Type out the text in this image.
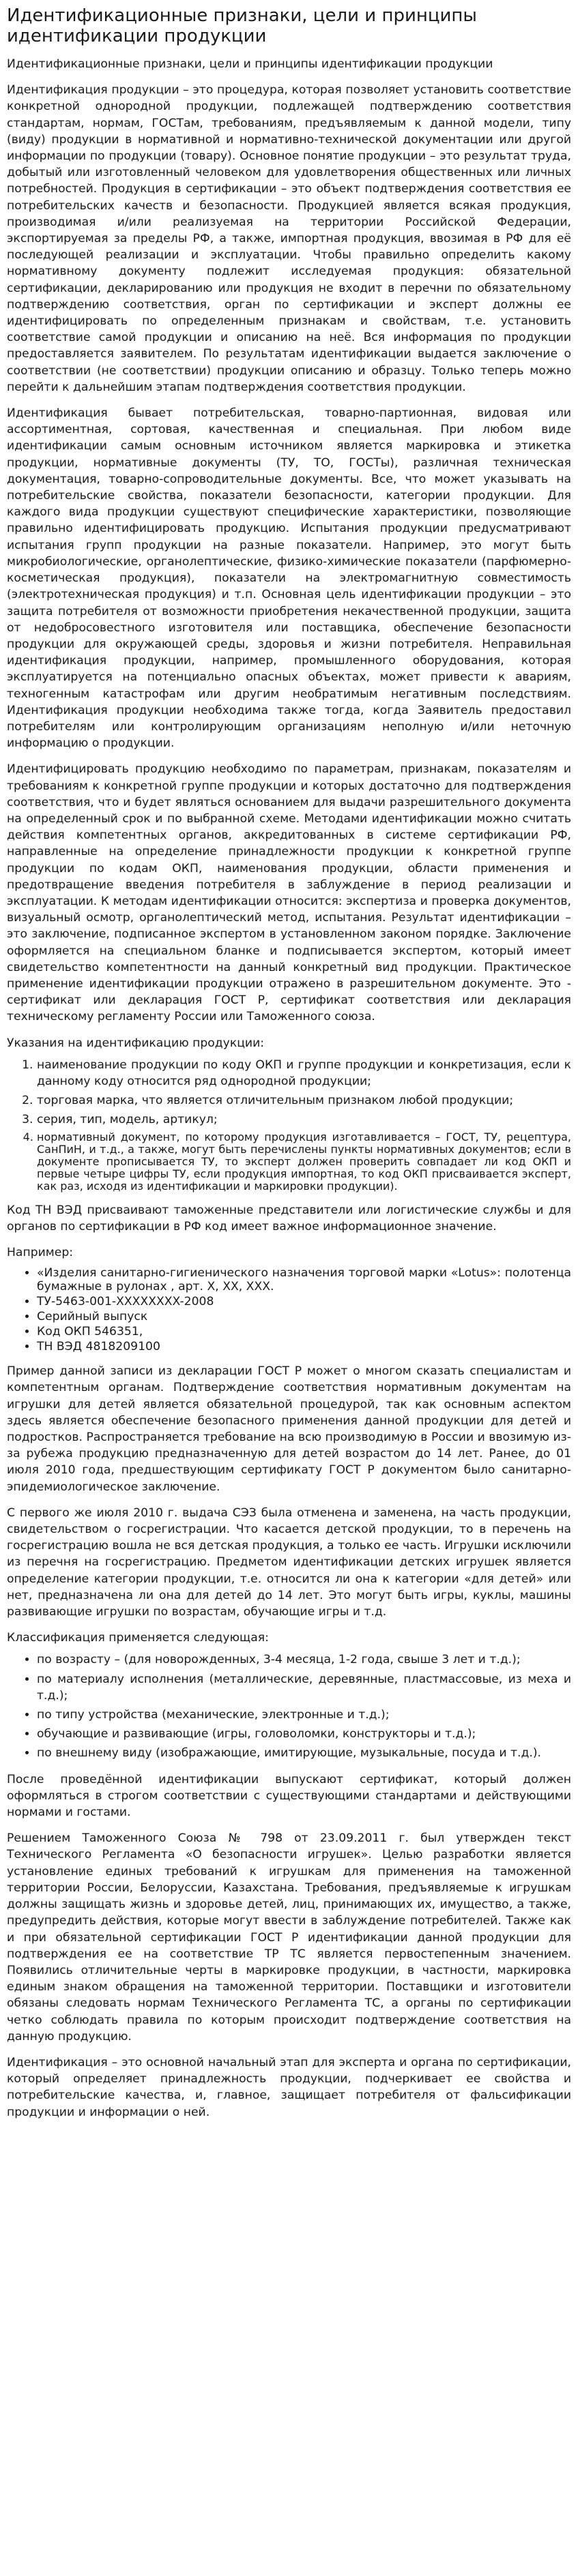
Идентификационные признаки, цели и принципы идентификации продукции
Идентификационные признаки, цели и принципы идентификации продукции

Идентификация продукции – это процедура, которая позволяет установить соответствие конкретной однородной продукции, подлежащей подтверждению соответствия стандартам, нормам, ГОСТам, требованиям, предъявляемым к данной модели, типу (виду) продукции в нормативной и нормативно-технической документации или другой информации по продукции (товару). Основное понятие продукции – это результат труда, добытый или изготовленный человеком для удовлетворения общественных или личных потребностей. Продукция в сертификации – это объект подтверждения соответствия ее потребительских качеств и безопасности. Продукцией является всякая продукция, производимая и/или реализуемая на территории Российской Федерации, экспортируемая за пределы РФ, а также, импортная продукция, ввозимая в РФ для её последующей реализации и эксплуатации. Чтобы правильно определить какому нормативному документу подлежит исследуемая продукция: обязательной сертификации, декларированию или продукция не входит в перечни по обязательному подтверждению соответствия, орган по сертификации и эксперт должны ее идентифицировать по определенным признакам и свойствам, т.е. установить соответствие самой продукции и описанию на неё. Вся информация по продукции предоставляется заявителем. По результатам идентификации выдается заключение о соответствии (не соответствии) продукции описанию и образцу. Только теперь можно перейти к дальнейшим этапам подтверждения соответствия продукции.

Идентификация бывает потребительская, товарно-партионная, видовая или ассортиментная, сортовая, качественная и специальная. При любом виде идентификации самым основным источником является маркировка и этикетка продукции, нормативные документы (ТУ, ТО, ГОСТы), различная техническая документация, товарно-сопроводительные документы. Все, что может указывать на потребительские свойства, показатели безопасности, категории продукции. Для каждого вида продукции существуют специфические характеристики, позволяющие правильно идентифицировать продукцию. Испытания продукции предусматривают испытания групп продукции на разные показатели. Например, это могут быть микробиологические, органолептические, физико-химические показатели (парфюмерно-косметическая продукция), показатели на электромагнитную совместимость (электротехническая продукция) и т.п. Основная цель идентификации продукции – это защита потребителя от возможности приобретения некачественной продукции, защита от недобросовестного изготовителя или поставщика, обеспечение безопасности продукции для окружающей среды, здоровья и жизни потребителя. Неправильная идентификация продукции, например, промышленного оборудования, которая эксплуатируется на потенциально опасных объектах, может привести к авариям, техногенным катастрофам или другим необратимым негативным последствиям. Идентификация продукции необходима также тогда, когда Заявитель предоставил потребителям или контролирующим организациям неполную и/или неточную информацию о продукции.

Идентифицировать продукцию необходимо по параметрам, признакам, показателям и требованиям к конкретной группе продукции и которых достаточно для подтверждения соответствия, что и будет являться основанием для выдачи разрешительного документа на определенный срок и по выбранной схеме. Методами идентификации можно считать действия компетентных органов, аккредитованных в системе сертификации РФ, направленные на определение принадлежности продукции к конкретной группе продукции по кодам ОКП, наименования продукции, области применения и предотвращение введения потребителя в заблуждение в период реализации и эксплуатации. К методам идентификации относится: экспертиза и проверка документов, визуальный осмотр, органолептический метод, испытания. Результат идентификации – это заключение, подписанное экспертом в установленном законом порядке. Заключение оформляется на специальном бланке и подписывается экспертом, который имеет свидетельство компетентности на данный конкретный вид продукции. Практическое применение идентификации продукции отражено в разрешительном документе. Это - сертификат или декларация ГОСТ Р, сертификат соответствия или декларация техническому регламенту России или Таможенного союза.

Указания на идентификацию продукции:
1. наименование продукции по коду ОКП и группе продукции и конкретизация, если к данному коду относится ряд однородной продукции;
2. торговая марка, что является отличительным признаком любой продукции;
3. серия, тип, модель, артикул;
4. нормативный документ, по которому продукция изготавливается – ГОСТ, ТУ, рецептура, СанПиН, и т.д., а также, могут быть перечислены пункты нормативных документов; если в документе прописывается ТУ, то эксперт должен проверить совпадает ли код ОКП и первые четыре цифры ТУ, если продукция импортная, то код ОКП присваивается эксперт, как раз, исходя из идентификации и маркировки продукции).

Код ТН ВЭД присваивают таможенные представители или логистические службы и для органов по сертификации в РФ код имеет важное информационное значение.

Например:
• «Изделия санитарно-гигиенического назначения торговой марки «Lotus»: полотенца бумажные в рулонах , арт. Х, ХХ, ХХХ.
• ТУ-5463-001-XXXXXXXX-2008
• Серийный выпуск
• Код ОКП 546351,
• ТН ВЭД 4818209100

Пример данной записи из декларации ГОСТ Р может о многом сказать специалистам и компетентным органам. Подтверждение соответствия нормативным документам на игрушки для детей является обязательной процедурой, так как основным аспектом здесь является обеспечение безопасного применения данной продукции для детей и подростков. Распространяется требование на всю производимую в России и ввозимую из-за рубежа продукцию предназначенную для детей возрастом до 14 лет. Ранее, до 01 июля 2010 года, предшествующим сертификату ГОСТ Р документом было санитарно-эпидемиологическое заключение.

С первого же июля 2010 г. выдача СЭЗ была отменена и заменена, на часть продукции, свидетельством о госрегистрации. Что касается детской продукции, то в перечень на госрегистрацию вошла не вся детская продукция, а только ее часть. Игрушки исключили из перечня на госрегистрацию. Предметом идентификации детских игрушек является определение категории продукции, т.е. относится ли она к категории «для детей» или нет, предназначена ли она для детей до 14 лет. Это могут быть игры, куклы, машины развивающие игрушки по возрастам, обучающие игры и т.д.

Классификация применяется следующая:
• по возрасту – (для новорожденных, 3-4 месяца, 1-2 года, свыше 3 лет и т.д.);
• по материалу исполнения (металлические, деревянные, пластмассовые, из меха и т.д.);
• по типу устройства (механические, электронные и т.д.);
• обучающие и развивающие (игры, головоломки, конструкторы и т.д.);
• по внешнему виду (изображающие, имитирующие, музыкальные, посуда и т.д.).

После проведённой идентификации выпускают сертификат, который должен оформляться в строгом соответствии с существующими стандартами и действующими нормами и гостами.

Решением Таможенного Союза № 798 от 23.09.2011 г. был утвержден текст Технического Регламента «О безопасности игрушек». Целью разработки является установление единых требований к игрушкам для применения на таможенной территории России, Белоруссии, Казахстана. Требования, предъявляемые к игрушкам должны защищать жизнь и здоровье детей, лиц, принимающих их, имущество, а также, предупредить действия, которые могут ввести в заблуждение потребителей. Также как и при обязательной сертификации ГОСТ Р идентификации данной продукции для подтверждения ее на соответствие ТР ТС является первостепенным значением. Появились отличительные черты в маркировке продукции, в частности, маркировка единым знаком обращения на таможенной территории. Поставщики и изготовители обязаны следовать нормам Технического Регламента ТС, а органы по сертификации четко соблюдать правила по которым происходит подтверждение соответствия на данную продукцию.

Идентификация – это основной начальный этап для эксперта и органа по сертификации, который определяет принадлежность продукции, подчеркивает ее свойства и потребительские качества, и, главное, защищает потребителя от фальсификации продукции и информации о ней.
